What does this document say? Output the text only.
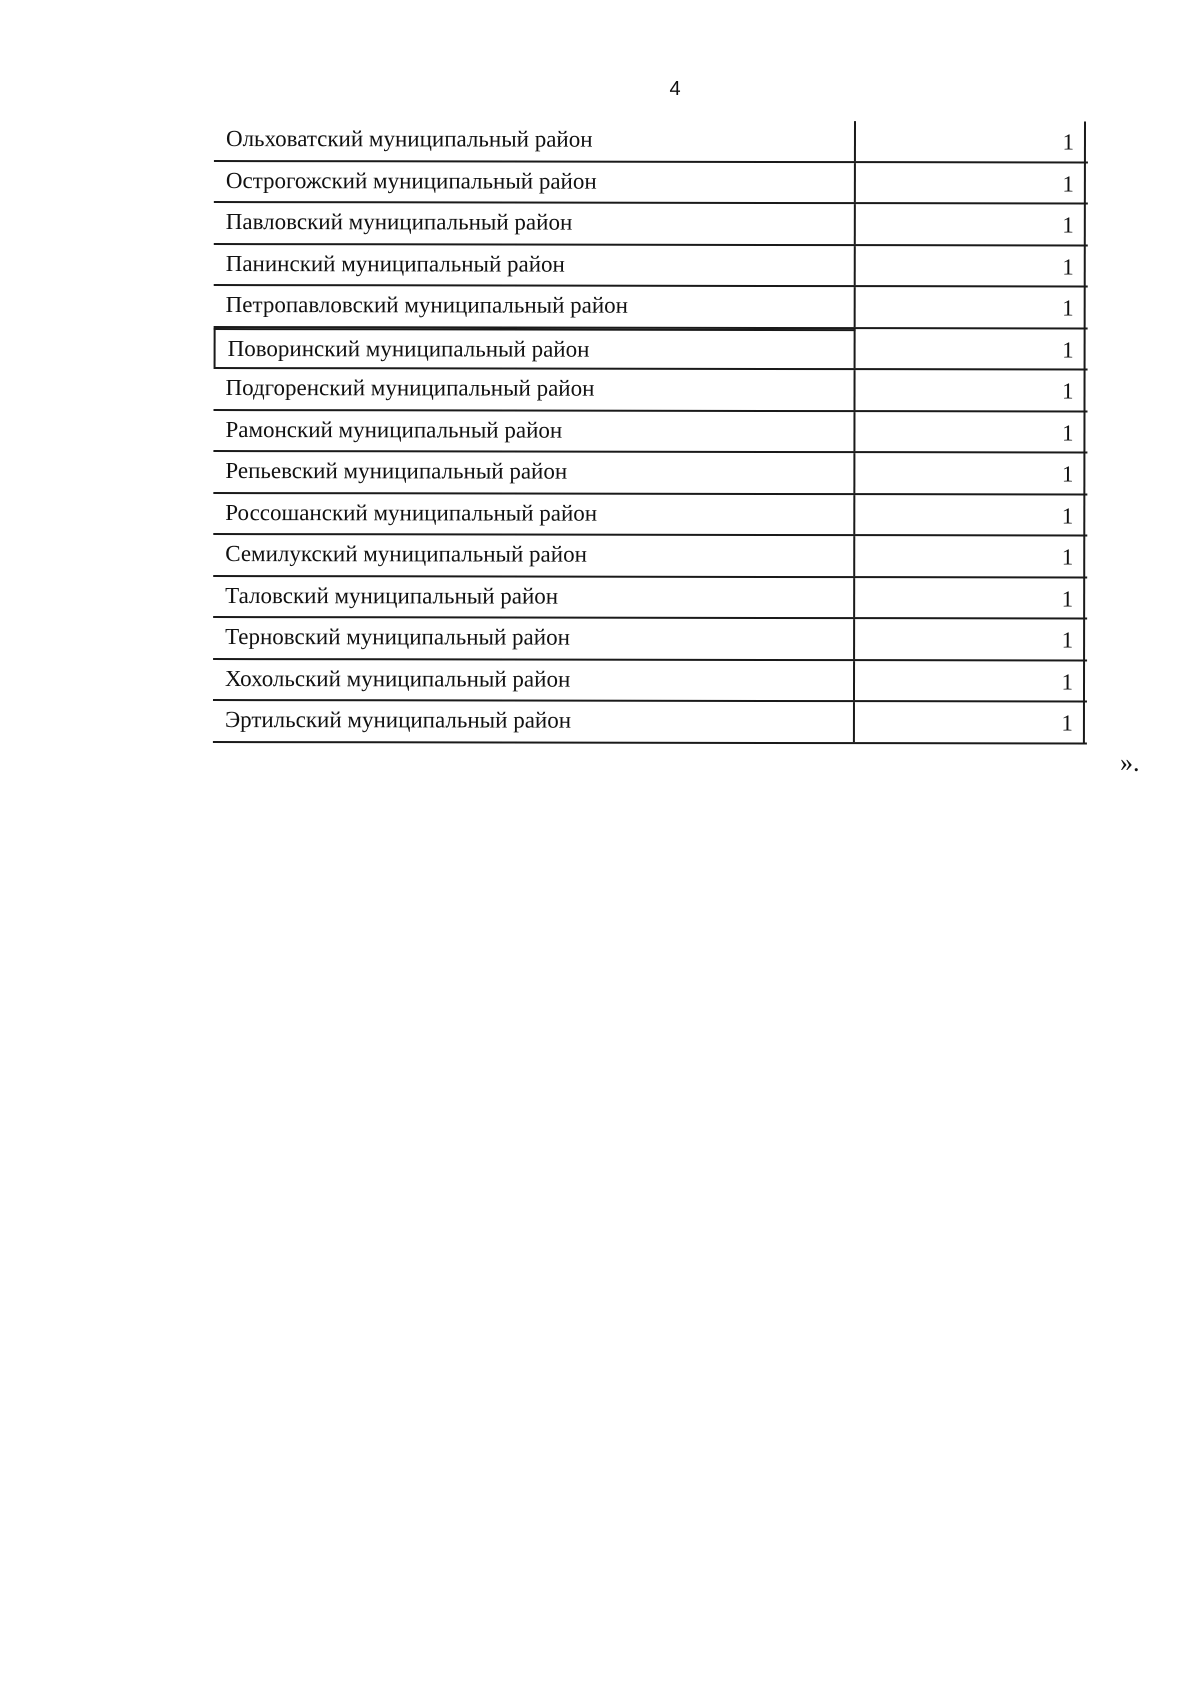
4
Ольховатский муниципальный район	1
Острогожский муниципальный район	1
Павловский муниципальный район	1
Панинский муниципальный район	1
Петропавловский муниципальный район	1
Поворинский муниципальный район	1
Подгоренский муниципальный район	1
Рамонский муниципальный район	1
Репьевский муниципальный район	1
Россошанский муниципальный район	1
Семилукский муниципальный район	1
Таловский муниципальный район	1
Терновский муниципальный район	1
Хохольский муниципальный район	1
Эртильский муниципальный район	1
».
